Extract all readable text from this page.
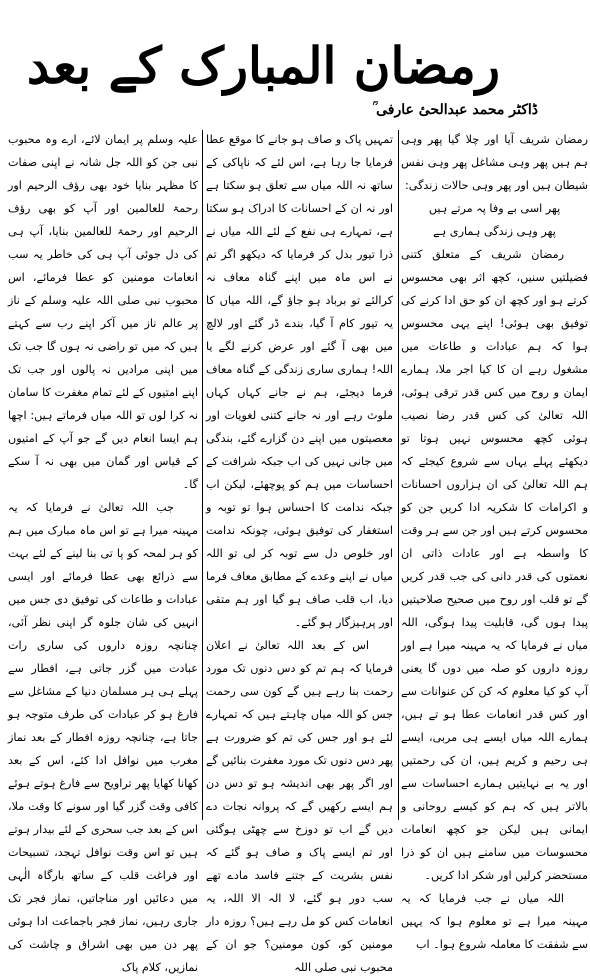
رمضان المبارک کے بعد
ڈاکٹر محمد عبدالحیٔ عارفی ؒ

رمضان شریف آیا اور چلا گیا پھر وہی ہم ہیں پھر وہی مشاغل پھر وہی نفس شیطان ہیں اور پھر وہی حالات زندگی:

پھر اسی بے وفا پہ مرتے ہیں

پھر وہی زندگی ہماری ہے

رمضان شریف کے متعلق کتنی فضیلتیں سنیں، کچھ اثر بھی محسوس کرتے ہو اور کچھ ان کو حق ادا کرنے کی توفیق بھی ہوئی! اپنے یہی محسوس ہوا کہ ہم عبادات و طاعات میں مشغول رہے ان کا کیا اجر ملا، ہمارے ایمان و روح میں کس قدر ترقی ہوئی، اللہ تعالیٰ کی کس قدر رضا نصیب ہوئی کچھ محسوس نہیں ہوتا تو دیکھئے پہلے یہاں سے شروع کیجئے کہ ہم اللہ تعالیٰ کی ان ہزاروں احسانات و اکرامات کا شکریہ ادا کریں جن کو محسوس کرتے ہیں اور جن سے ہر وقت کا واسطہ ہے اور عادات ذاتی ان نعمتوں کی قدر دانی کی جب قدر کریں گے تو قلب اور روح میں صحیح صلاحیتیں پیدا ہوں گی، قابلیت پیدا ہوگی، اللہ میاں نے فرمایا کہ یہ مہینہ میرا ہے اور روزہ داروں کو صلہ میں دوں گا یعنی آپ کو کیا معلوم کہ کن کن عنوانات سے اور کس قدر انعامات عطا ہو تے ہیں، ہمارے اللہ میاں ایسے ہی مربی، ایسے ہی رحیم و کریم ہیں، ان کی رحمتیں اور یہ بے نہایتیں ہمارے احساسات سے بالاتر ہیں کہ ہم کو کیسے روحانی و ایمانی ہیں لیکن جو کچھ انعامات محسوسات میں سامنے ہیں ان کو ذرا مستحضر کرلیں اور شکر ادا کریں۔

اللہ میاں نے جب فرمایا کہ یہ مہینہ میرا ہے تو معلوم ہوا کہ یہیں سے شفقت کا معاملہ شروع ہوا۔ اب

تمہیں پاک و صاف ہو جانے کا موقع عطا فرمایا جا رہا ہے، اس لئے کہ ناپاکی کے ساتھ نہ اللہ میاں سے تعلق ہو سکتا ہے اور نہ ان کے احسانات کا ادراک ہو سکتا ہے، تمہارے ہی نفع کے لئے اللہ میاں نے ذرا تیور بدل کر فرمایا کہ دیکھو اگر تم نے اس ماہ میں اپنے گناہ معاف نہ کرالئے تو برباد ہو جاؤ گے، اللہ میاں کا یہ تیور کام آ گیا، بندے ڈر گئے اور لالچ میں بھی آ گئے اور عرض کرنے لگے یا اللہ! ہماری ساری زندگی کے گناہ معاف فرما دیجئے، ہم نے جانے کہاں کہاں ملوث رہے اور نہ جانے کتنی لغویات اور معصیتوں میں اپنے دن گزارے گئے، بندگی میں جانی نہیں کی اب جبکہ شرافت کے احساسات میں ہم کو پوچھئے، لیکن اب جبکہ ندامت کا احساس ہوا تو توبہ و استغفار کی توفیق ہوئی، چونکہ ندامت اور خلوص دل سے توبہ کر لی تو اللہ میاں نے اپنے وعدے کے مطابق معاف فرما دیا، اب قلب صاف ہو گیا اور ہم متقی اور پرہیزگار ہو گئے۔

اس کے بعد اللہ تعالیٰ نے اعلان فرمایا کہ ہم تم کو دس دنوں تک مورد رحمت بنا رہے ہیں گے کون سی رحمت جس کو اللہ میاں چاہتے ہیں کہ تمہارے لئے ہو اور جس کی تم کو ضرورت ہے پھر دس دنوں تک مورد مغفرت بنائیں گے اور اگر پھر بھی اندیشہ ہو تو دس دن ہم ایسے رکھیں گے کہ پروانہ نجات دے دیں گے اب تو دوزخ سے چھٹی ہوگئی اور تم ایسے پاک و صاف ہو گئے کہ نفس بشریت کے جتنے فاسد مادے تھے سب دور ہو گئے، لا الہ الا اللہ، یہ انعامات کس کو مل رہے ہیں؟ روزہ دار مومنین کو، کون مومنین؟ جو ان کے محبوب نبی صلی اللہ

علیہ وسلم پر ایمان لائے، ارے وہ محبوب نبی جن کو اللہ جل شانہ نے اپنی صفات کا مظہر بنایا خود بھی رؤف الرحیم اور رحمۃ للعالمین اور آپ کو بھی رؤف الرحیم اور رحمۃ للعالمین بنایا، آپ ہی کی دل جوئی آپ ہی کی خاطر یہ سب انعامات مومنین کو عطا فرمائے، اس محبوب نبی صلی اللہ علیہ وسلم کے ناز پر عالم ناز میں آکر اپنے رب سے کہتے ہیں کہ میں تو راضی نہ ہوں گا جب تک میں اپنی مرادیں نہ پالوں اور جب تک اپنے امتیوں کے لئے تمام مغفرت کا سامان نہ کرا لوں تو اللہ میاں فرماتے ہیں: اچھا ہم ایسا انعام دیں گے جو آپ کے امتیوں کے قیاس اور گمان میں بھی نہ آ سکے گا۔

جب اللہ تعالیٰ نے فرمایا کہ یہ مہینہ میرا ہے تو اس ماہ مبارک میں ہم کو ہر لمحہ کو پا تی بنا لینے کے لئے بہت سے ذرائع بھی عطا فرمائے اور ایسی عبادات و طاعات کی توفیق دی جس میں انہیں کی شان جلوہ گر اپنی نظر آئی، چنانچہ روزہ داروں کی ساری رات عبادت میں گزر جاتی ہے، افطار سے پہلے ہی ہر مسلمان دنیا کے مشاغل سے فارغ ہو کر عبادات کی طرف متوجہ ہو جاتا ہے، چنانچہ روزہ افطار کے بعد نماز مغرب میں نوافل ادا کئے، اس کے بعد کھانا کھایا پھر تراویح سے فارغ ہوتے ہوئے کافی وقت گزر گیا اور سونے کا وقت ملا، اس کے بعد جب سحری کے لئے بیدار ہوتے ہیں تو اس وقت نوافل تہجد، تسبیحات اور فراغت قلب کے ساتھ بارگاہ الٰہی میں دعائیں اور مناجاتیں، نماز فجر تک جاری رہیں، نماز فجر باجماعت ادا ہوئی پھر دن میں بھی اشراق و چاشت کی نمازیں، کلام پاک
